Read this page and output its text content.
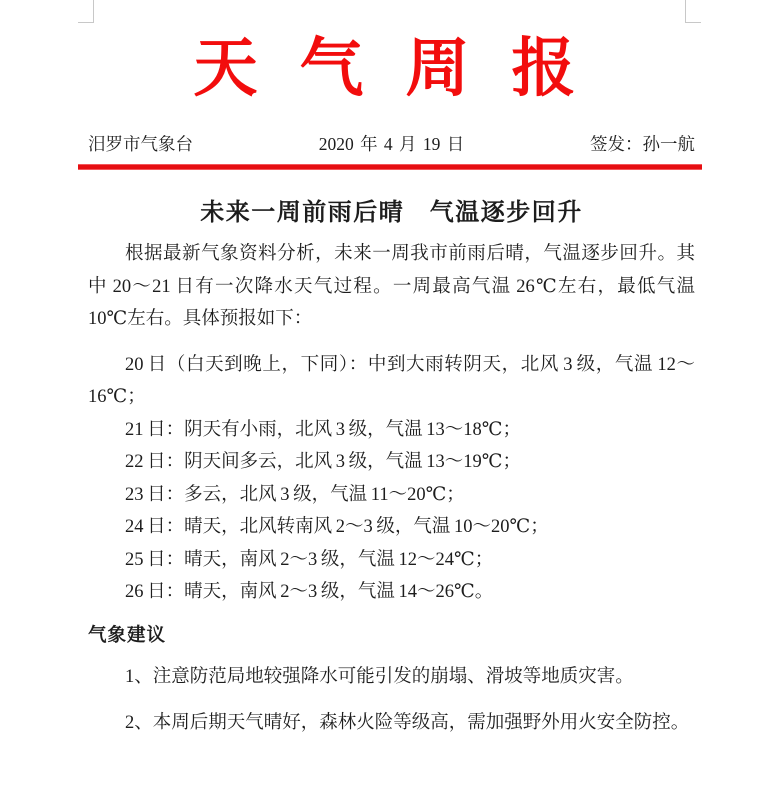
天气周报
汨罗市气象台	2020 年 4 月 19 日	签发：孙一航
未来一周前雨后晴　气温逐步回升

根据最新气象资料分析，未来一周我市前雨后晴，气温逐步回升。其中 20～21 日有一次降水天气过程。一周最高气温 26℃左右，最低气温 10℃左右。具体预报如下：

20 日（白天到晚上，下同）：中到大雨转阴天，北风 3 级，气温 12～16℃；

21 日：阴天有小雨，北风 3 级，气温 13～18℃；

22 日：阴天间多云，北风 3 级，气温 13～19℃；

23 日：多云，北风 3 级，气温 11～20℃；

24 日：晴天，北风转南风 2～3 级，气温 10～20℃；

25 日：晴天，南风 2～3 级，气温 12～24℃；

26 日：晴天，南风 2～3 级，气温 14～26℃。

气象建议

1、注意防范局地较强降水可能引发的崩塌、滑坡等地质灾害。

2、本周后期天气晴好，森林火险等级高，需加强野外用火安全防控。
